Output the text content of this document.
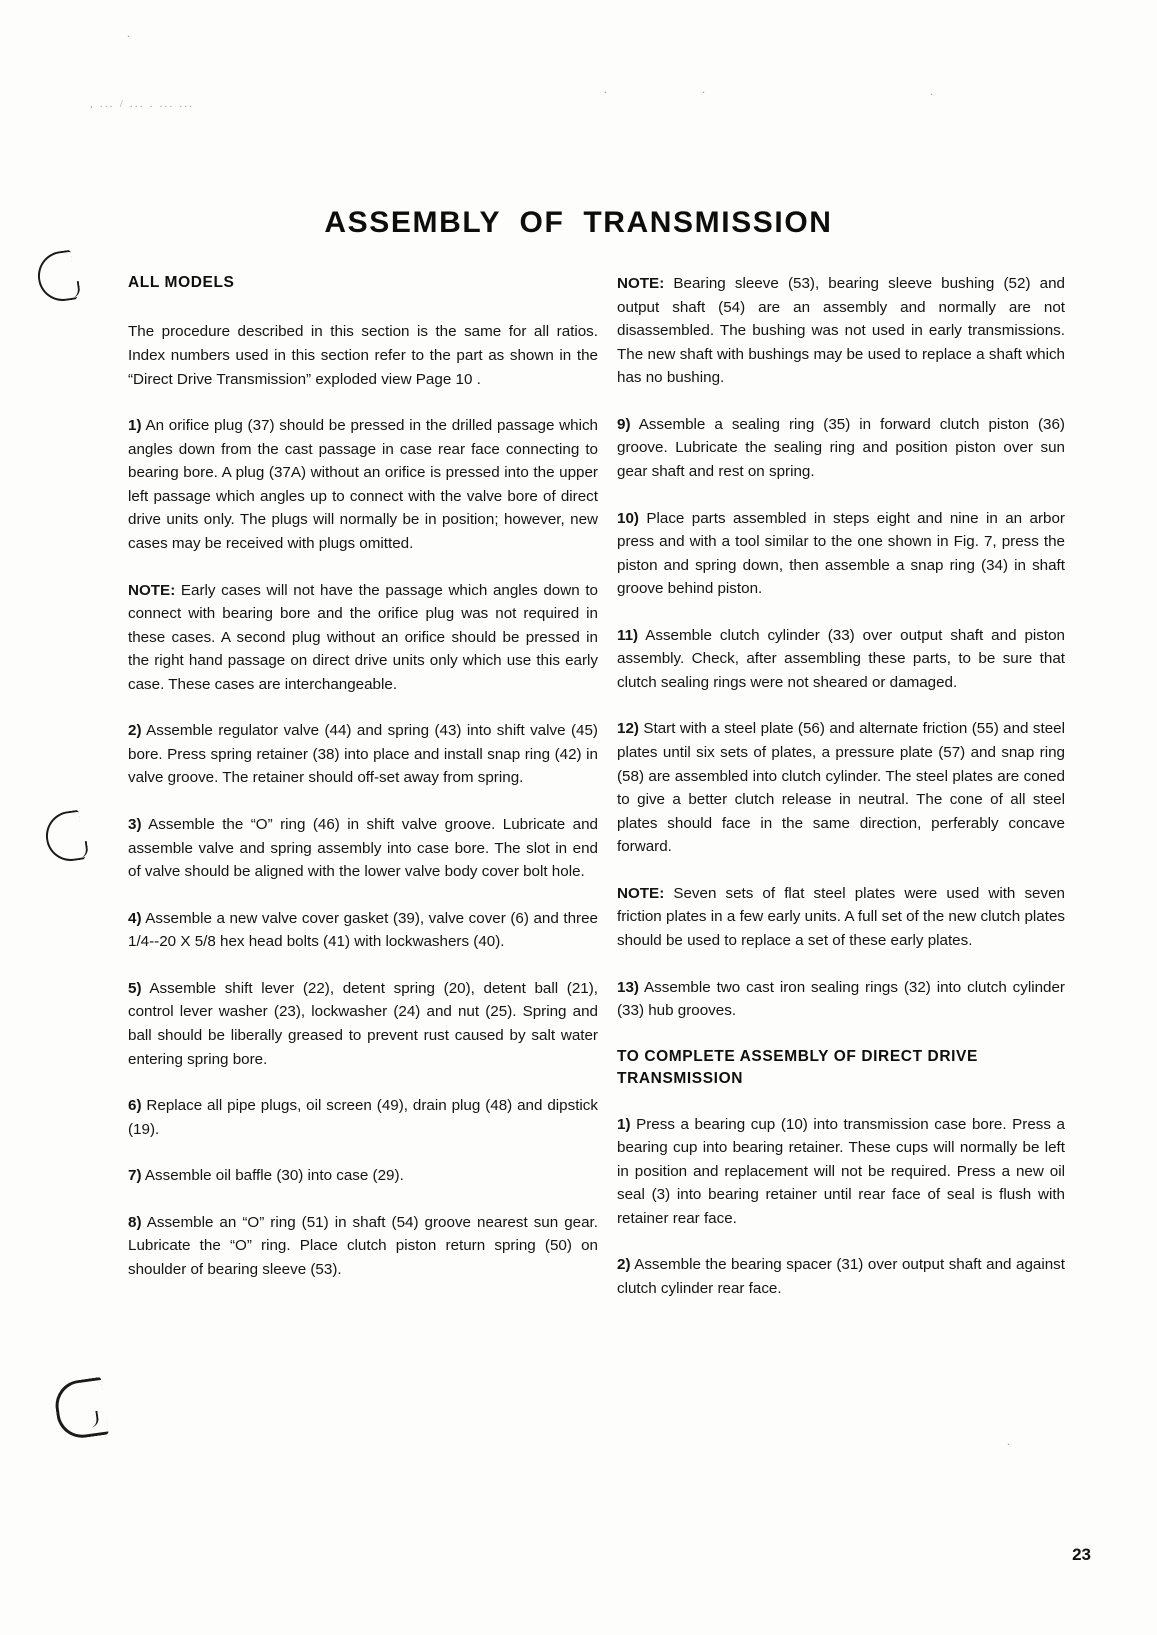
.
. .	.
, ... / ... . ... ...
.
ASSEMBLY OF TRANSMISSION
ALL MODELS

The procedure described in this section is the same for all ratios. Index numbers used in this section refer to the part as shown in the “Direct Drive Transmission” exploded view Page 10 .

1) An orifice plug (37) should be pressed in the drilled passage which angles down from the cast passage in case rear face connecting to bearing bore. A plug (37A) without an orifice is pressed into the upper left passage which angles up to connect with the valve bore of direct drive units only. The plugs will normally be in position; however, new cases may be received with plugs omitted.

NOTE: Early cases will not have the passage which angles down to connect with bearing bore and the orifice plug was not required in these cases. A second plug without an orifice should be pressed in the right hand passage on direct drive units only which use this early case. These cases are interchangeable.

2) Assemble regulator valve (44) and spring (43) into shift valve (45) bore. Press spring retainer (38) into place and install snap ring (42) in valve groove. The retainer should off-set away from spring.

3) Assemble the “O” ring (46) in shift valve groove. Lubricate and assemble valve and spring assembly into case bore. The slot in end of valve should be aligned with the lower valve body cover bolt hole.

4) Assemble a new valve cover gasket (39), valve cover (6) and three 1/4--20 X 5/8 hex head bolts (41) with lockwashers (40).

5) Assemble shift lever (22), detent spring (20), detent ball (21), control lever washer (23), lockwasher (24) and nut (25). Spring and ball should be liberally greased to prevent rust caused by salt water entering spring bore.

6) Replace all pipe plugs, oil screen (49), drain plug (48) and dipstick (19).

7) Assemble oil baffle (30) into case (29).

8) Assemble an “O” ring (51) in shaft (54) groove nearest sun gear. Lubricate the “O” ring. Place clutch piston return spring (50) on shoulder of bearing sleeve (53).

NOTE: Bearing sleeve (53), bearing sleeve bushing (52) and output shaft (54) are an assembly and normally are not disassembled. The bushing was not used in early transmissions. The new shaft with bushings may be used to replace a shaft which has no bushing.

9) Assemble a sealing ring (35) in forward clutch piston (36) groove. Lubricate the sealing ring and position piston over sun gear shaft and rest on spring.

10) Place parts assembled in steps eight and nine in an arbor press and with a tool similar to the one shown in Fig. 7, press the piston and spring down, then assemble a snap ring (34) in shaft groove behind piston.

11) Assemble clutch cylinder (33) over output shaft and piston assembly. Check, after assembling these parts, to be sure that clutch sealing rings were not sheared or damaged.

12) Start with a steel plate (56) and alternate friction (55) and steel plates until six sets of plates, a pressure plate (57) and snap ring (58) are assembled into clutch cylinder. The steel plates are coned to give a better clutch release in neutral. The cone of all steel plates should face in the same direction, perferably concave forward.

NOTE: Seven sets of flat steel plates were used with seven friction plates in a few early units. A full set of the new clutch plates should be used to replace a set of these early plates.

13) Assemble two cast iron sealing rings (32) into clutch cylinder (33) hub grooves.

TO COMPLETE ASSEMBLY OF DIRECT DRIVE TRANSMISSION

1) Press a bearing cup (10) into transmission case bore. Press a bearing cup into bearing retainer. These cups will normally be left in position and replacement will not be required. Press a new oil seal (3) into bearing retainer until rear face of seal is flush with retainer rear face.

2) Assemble the bearing spacer (31) over output shaft and against clutch cylinder rear face.

23
